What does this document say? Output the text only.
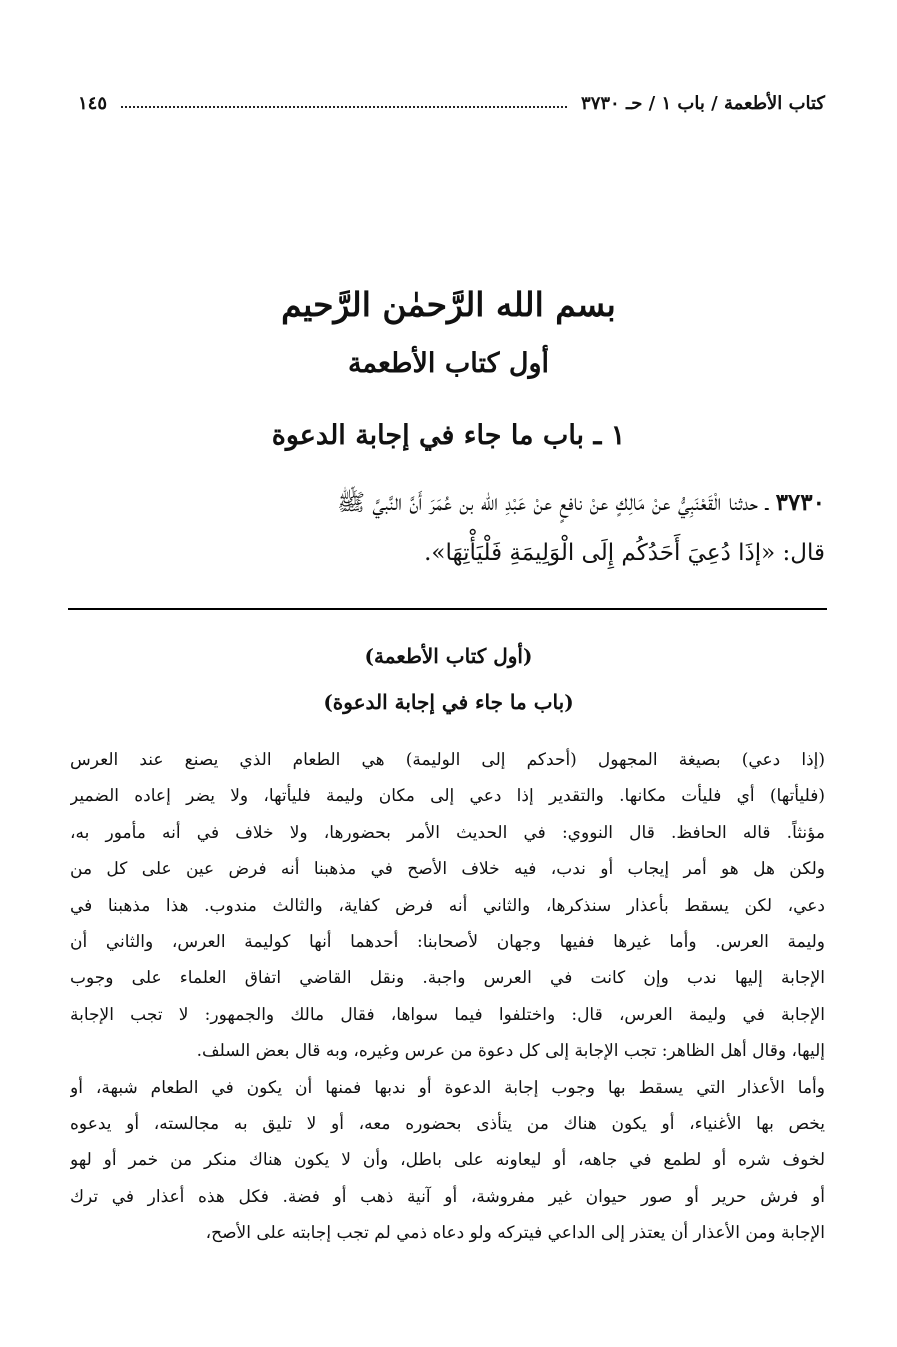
كتاب الأطعمة / باب ١ / حـ ٣٧٣٠
١٤٥
بسم الله الرَّحمٰن الرَّحيم
أول كتاب الأطعمة
١ ـ باب ما جاء في إجابة الدعوة
٣٧٣٠ ـ حدثنا الْقَعْنَبِيُّ عنْ مَالِكٍ عنْ نافعٍ عنْ عَبْدِ الله بن عُمَرَ أَنَّ النَّبيَّ ﷺ
قال: «إذَا دُعِيَ أَحَدُكُم إِلَى الْوَلِيمَةِ فَلْيَأْتِهَا».
(أول كتاب الأطعمة)
(باب ما جاء في إجابة الدعوة)
(إذا دعي) بصيغة المجهول (أحدكم إلى الوليمة) هي الطعام الذي يصنع عند العرس
(فليأتها) أي فليأت مكانها. والتقدير إذا دعي إلى مكان وليمة فليأتها، ولا يضر إعاده الضمير
مؤنثاً. قاله الحافظ. قال النووي: في الحديث الأمر بحضورها، ولا خلاف في أنه مأمور به،
ولكن هل هو أمر إيجاب أو ندب، فيه خلاف الأصح في مذهبنا أنه فرض عين على كل من
دعي، لكن يسقط بأعذار سنذكرها، والثاني أنه فرض كفاية، والثالث مندوب. هذا مذهبنا في
وليمة العرس. وأما غيرها ففيها وجهان لأصحابنا: أحدهما أنها كوليمة العرس، والثاني أن
الإجابة إليها ندب وإن كانت في العرس واجبة. ونقل القاضي اتفاق العلماء على وجوب
الإجابة في وليمة العرس، قال: واختلفوا فيما سواها، فقال مالك والجمهور: لا تجب الإجابة
إليها، وقال أهل الظاهر: تجب الإجابة إلى كل دعوة من عرس وغيره، وبه قال بعض السلف.
وأما الأعذار التي يسقط بها وجوب إجابة الدعوة أو ندبها فمنها أن يكون في الطعام شبهة، أو
يخص بها الأغنياء، أو يكون هناك من يتأذى بحضوره معه، أو لا تليق به مجالسته، أو يدعوه
لخوف شره أو لطمع في جاهه، أو ليعاونه على باطل، وأن لا يكون هناك منكر من خمر أو لهو
أو فرش حرير أو صور حيوان غير مفروشة، أو آنية ذهب أو فضة. فكل هذه أعذار في ترك
الإجابة ومن الأعذار أن يعتذر إلى الداعي فيتركه ولو دعاه ذمي لم تجب إجابته على الأصح،
